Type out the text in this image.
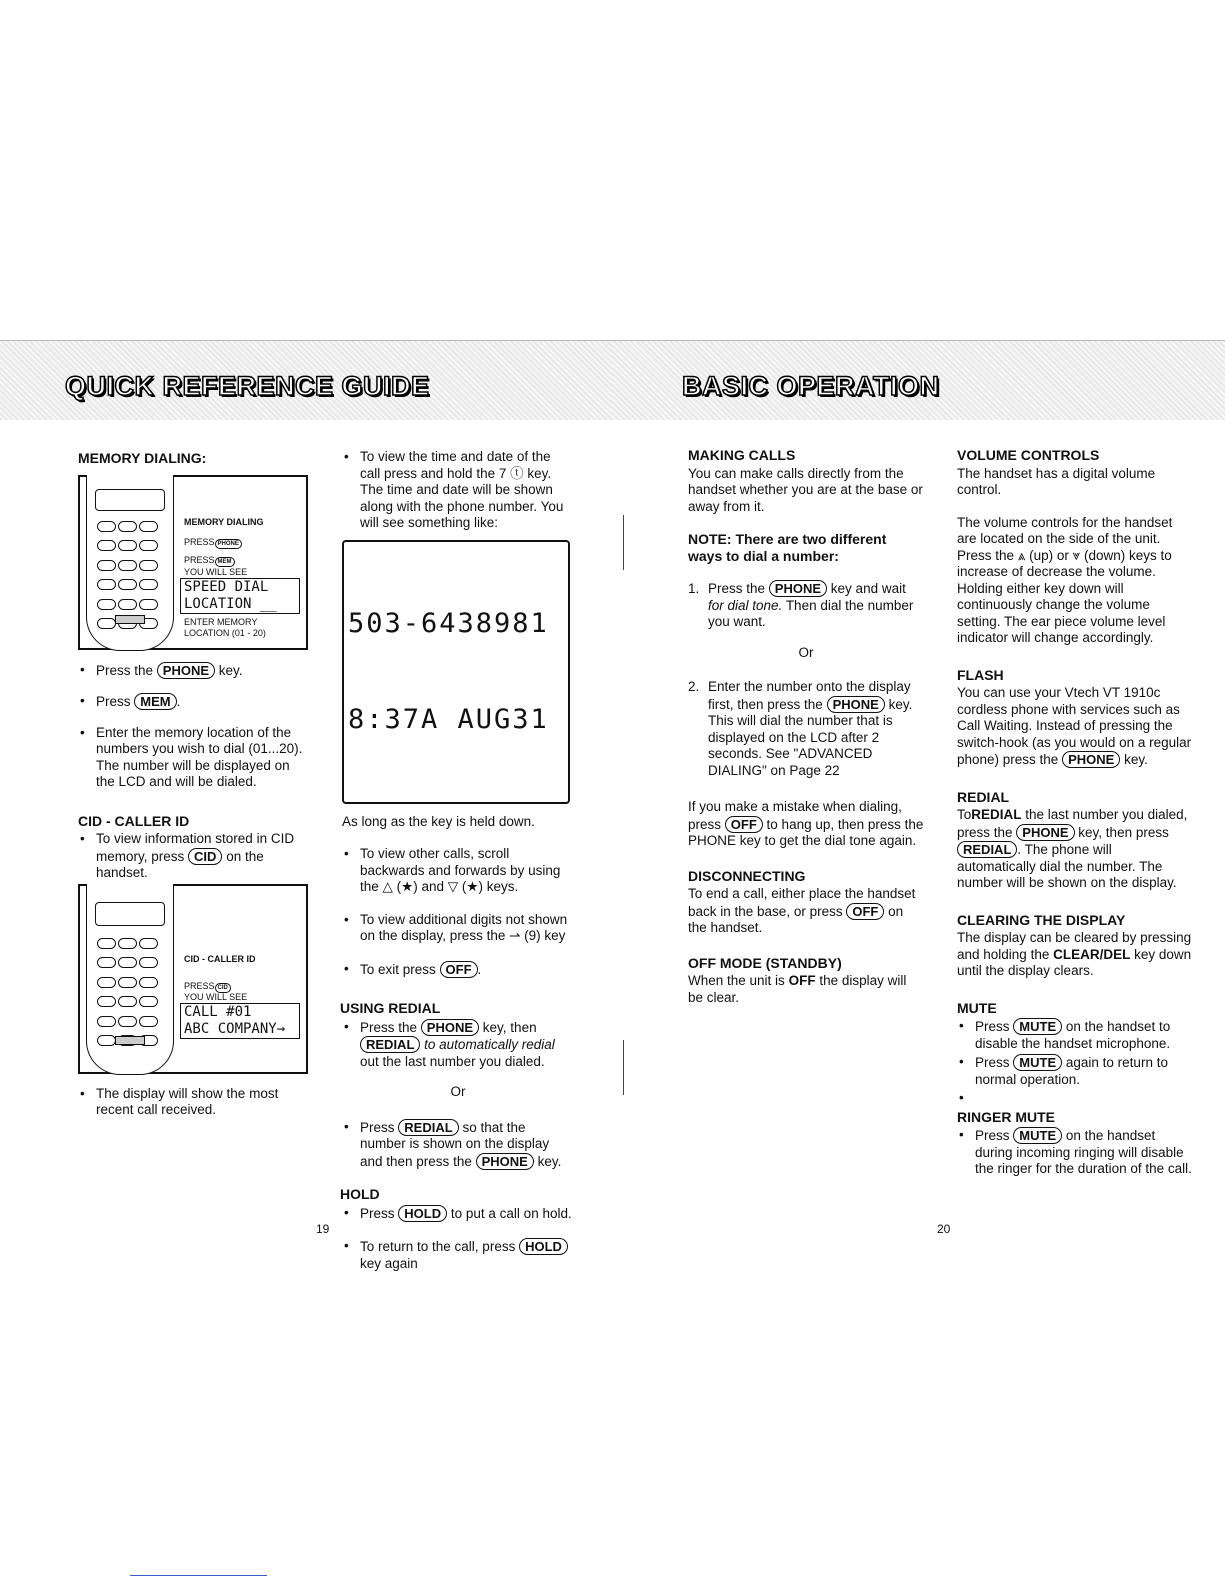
QUICK REFERENCE GUIDE
MEMORY DIALING:

MEMORY DIALING
PRESS PHONE
PRESS MEM
YOU WILL SEE
SPEED DIAL
LOCATION __
ENTER MEMORY
LOCATION (01 - 20)
• Press the PHONE key.
• Press MEM .
• Enter the memory location of the numbers you wish to dial (01...20). The number will be displayed on the LCD and will be dialed.
CID - CALLER ID
• To view information stored in CID memory, press CID on the handset.

CID - CALLER ID
PRESS CID
YOU WILL SEE
CALL #01
ABC COMPANY→
• The display will show the most recent call received.
• To view the time and date of the call press and hold the 7 ⓣ key. The time and date will be shown along with the phone number. You will see something like:

503-6438981

8:37A AUG31

As long as the key is held down.
• To view other calls, scroll backwards and forwards by using the △ (★) and ▽ (★) keys.
• To view additional digits not shown on the display, press the ⇀ (9) key
• To exit press OFF .
USING REDIAL
• Press the PHONE key, then REDIAL to automatically redial out the last number you dialed.
Or
• Press REDIAL so that the number is shown on the display and then press the PHONE key.
HOLD
• Press HOLD to put a call on hold.
• To return to the call, press HOLD key again
19
BASIC OPERATION
MAKING CALLS
You can make calls directly from the handset whether you are at the base or away from it.
NOTE: There are two different ways to dial a number:
1. Press the PHONE key and wait for dial tone. Then dial the number you want.
Or
2. Enter the number onto the display first, then press the PHONE key. This will dial the number that is displayed on the LCD after 2 seconds. See "ADVANCED DIALING" on Page 22
If you make a mistake when dialing, press OFF to hang up, then press the PHONE key to get the dial tone again.
DISCONNECTING
To end a call, either place the handset back in the base, or press OFF on the handset.
OFF MODE (STANDBY)
When the unit is OFF the display will be clear.
VOLUME CONTROLS
The handset has a digital volume control.
The volume controls for the handset are located on the side of the unit. Press the ⩓ (up) or ⩔ (down) keys to increase of decrease the volume. Holding either key down will continuously change the volume setting. The ear piece volume level indicator will change accordingly.
FLASH
You can use your Vtech VT 1910c cordless phone with services such as Call Waiting. Instead of pressing the switch-hook (as you would on a regular phone) press the PHONE key.
REDIAL
ToREDIAL the last number you dialed, press the PHONE key, then press REDIAL . The phone will automatically dial the number. The number will be shown on the display.
CLEARING THE DISPLAY
The display can be cleared by pressing and holding the CLEAR/DEL key down until the display clears.
MUTE
• Press MUTE on the handset to disable the handset microphone.
• Press MUTE again to return to normal operation.
•
RINGER MUTE
• Press MUTE on the handset during incoming ringing will disable the ringer for the duration of the call.
20
